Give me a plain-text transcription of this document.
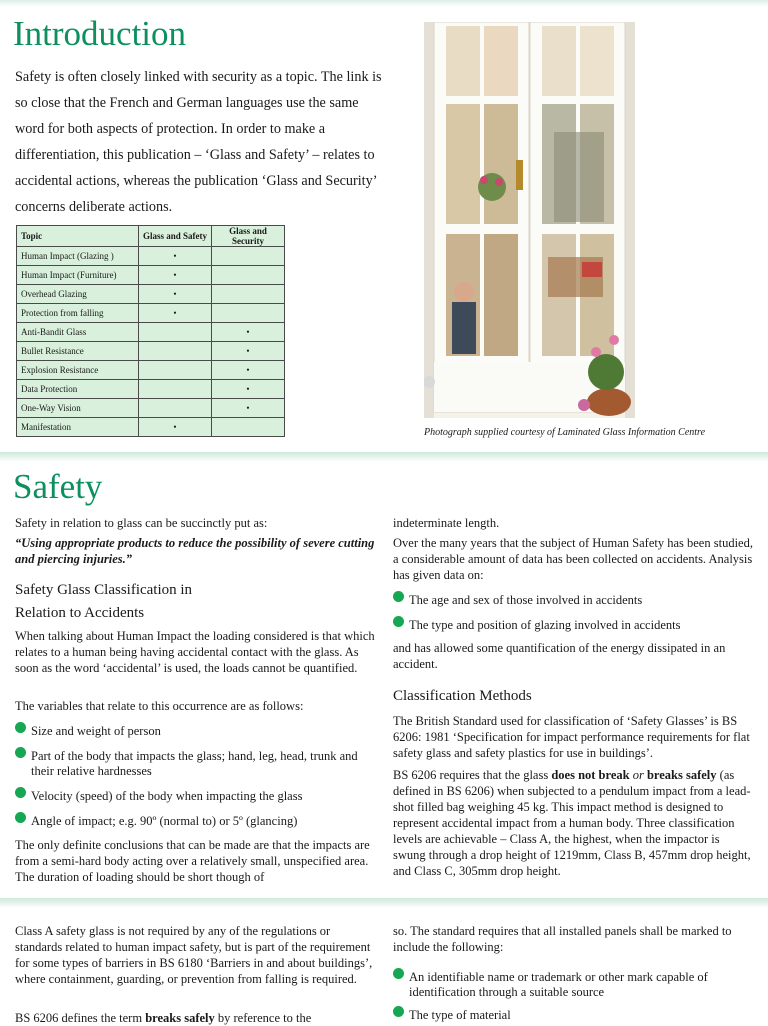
Introduction

Safety is often closely linked with security as a topic. The link is so close that the French and German languages use the same word for both aspects of protection. In order to make a differentiation, this publication – ‘Glass and Safety’ – relates to accidental actions, whereas the publication ‘Glass and Security’ concerns deliberate actions.

Topic	Glass and Safety	Glass and Security
Human Impact (Glazing )	•	
Human Impact (Furniture)	•	
Overhead Glazing	•	
Protection from falling	•	
Anti-Bandit Glass		•
Bullet Resistance		•
Explosion Resistance		•
Data Protection		•
One-Way Vision		•
Manifestation	•		Photograph supplied courtesy of Laminated Glass Information Centre
Safety

Safety in relation to glass can be succinctly put as:

“Using appropriate products to reduce the possibility of severe cutting and piercing injuries.”

Safety Glass Classification in
Relation to Accidents

When talking about Human Impact the loading considered is that which relates to a human being having accidental contact with the glass. As soon as the word ‘accidental’ is used, the loads cannot be quantified.

The variables that relate to this occurrence are as follows:

Size and weight of person
Part of the body that impacts the glass; hand, leg, head, trunk and their relative hardnesses
Velocity (speed) of the body when impacting the glass
Angle of impact; e.g. 90º (normal to) or 5º (glancing)

The only definite conclusions that can be made are that the impacts are from a semi-hard body acting over a relatively small, unspecified area. The duration of loading should be short though of

indeterminate length.

Over the many years that the subject of Human Safety has been studied, a considerable amount of data has been collected on accidents. Analysis has given data on:

The age and sex of those involved in accidents
The type and position of glazing involved in accidents

and has allowed some quantification of the energy dissipated in an accident.

Classification Methods

The British Standard used for classification of ‘Safety Glasses’ is BS 6206: 1981 ‘Specification for impact performance requirements for flat safety glass and safety plastics for use in buildings’.

BS 6206 requires that the glass does not break or breaks safely (as defined in BS 6206) when subjected to a pendulum impact from a lead-shot filled bag weighing 45 kg. This impact method is designed to represent accidental impact from a human body. Three classification levels are achievable – Class A, the highest, when the impactor is swung through a drop height of 1219mm, Class B, 457mm drop height, and Class C, 305mm drop height.

Class A safety glass is not required by any of the regulations or standards related to human impact safety, but is part of the requirement for some types of barriers in BS 6180 ‘Barriers in and about buildings’, where containment, guarding, or prevention from falling is required.

BS 6206 defines the term breaks safely by reference to the

so. The standard requires that all installed panels shall be marked to include the following:

An identifiable name or trademark or other mark capable of identification through a suitable source
The type of material
